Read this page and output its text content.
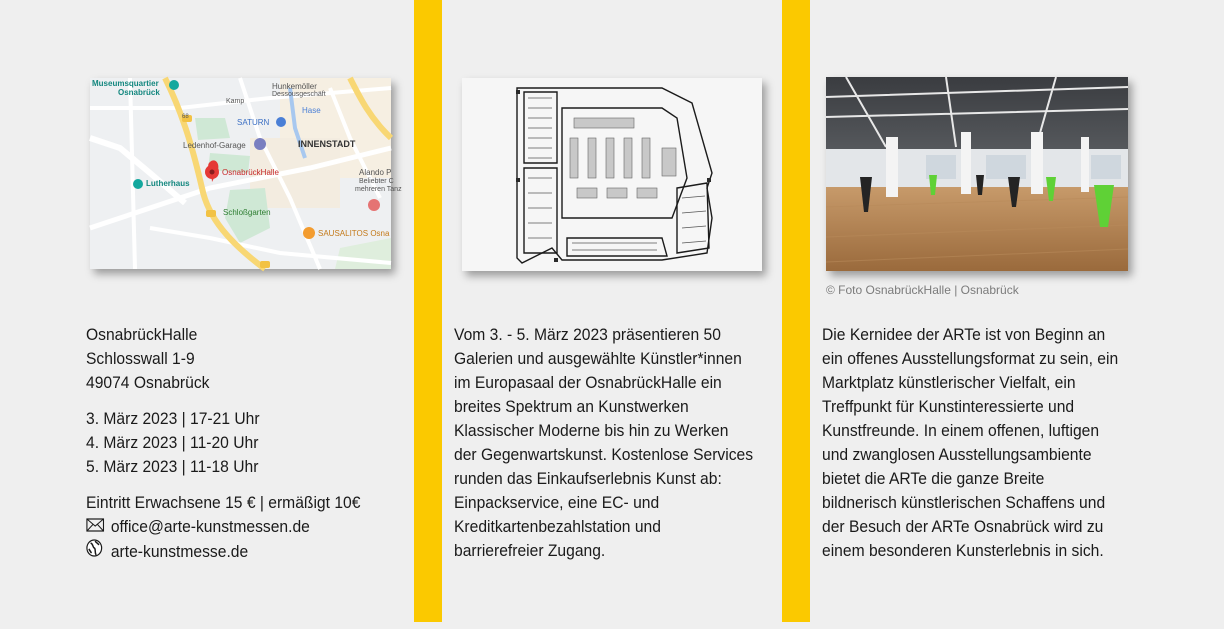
Museumsquartier
Osnabrück
Hunkemöller
Dessousgeschäft
Kamp
Hase
SATURN
Ledenhof-Garage	INNENSTADT
Alando P
Beliebter C
mehreren Tanz
Lutherhaus
OsnabrückHalle
Schloßgarten
SAUSALITOS Osna
68
© Foto OsnabrückHalle | Osnabrück
OsnabrückHalle
Schlosswall 1-9
49074 Osnabrück
3. März 2023 | 17-21 Uhr
4. März 2023 | 11-20 Uhr
5. März 2023 | 11-18 Uhr
Eintritt Erwachsene 15 € | ermäßigt 10€
office@arte-kunstmessen.de
arte-kunstmesse.de
Vom 3. - 5. März 2023 präsentieren 50
Galerien und ausgewählte Künstler*innen
im Europasaal der OsnabrückHalle ein
breites Spektrum an Kunstwerken
Klassischer Moderne bis hin zu Werken
der Gegenwartskunst. Kostenlose Services
runden das Einkaufserlebnis Kunst ab:
Einpackservice, eine EC- und
Kreditkartenbezahlstation und
barrierefreier Zugang.
Die Kernidee der ARTe ist von Beginn an
ein offenes Ausstellungsformat zu sein, ein
Marktplatz künstlerischer Vielfalt, ein
Treffpunkt für Kunstinteressierte und
Kunstfreunde. In einem offenen, luftigen
und zwanglosen Ausstellungsambiente
bietet die ARTe die ganze Breite
bildnerisch künstlerischen Schaffens und
der Besuch der ARTe Osnabrück wird zu
einem besonderen Kunsterlebnis in sich.
